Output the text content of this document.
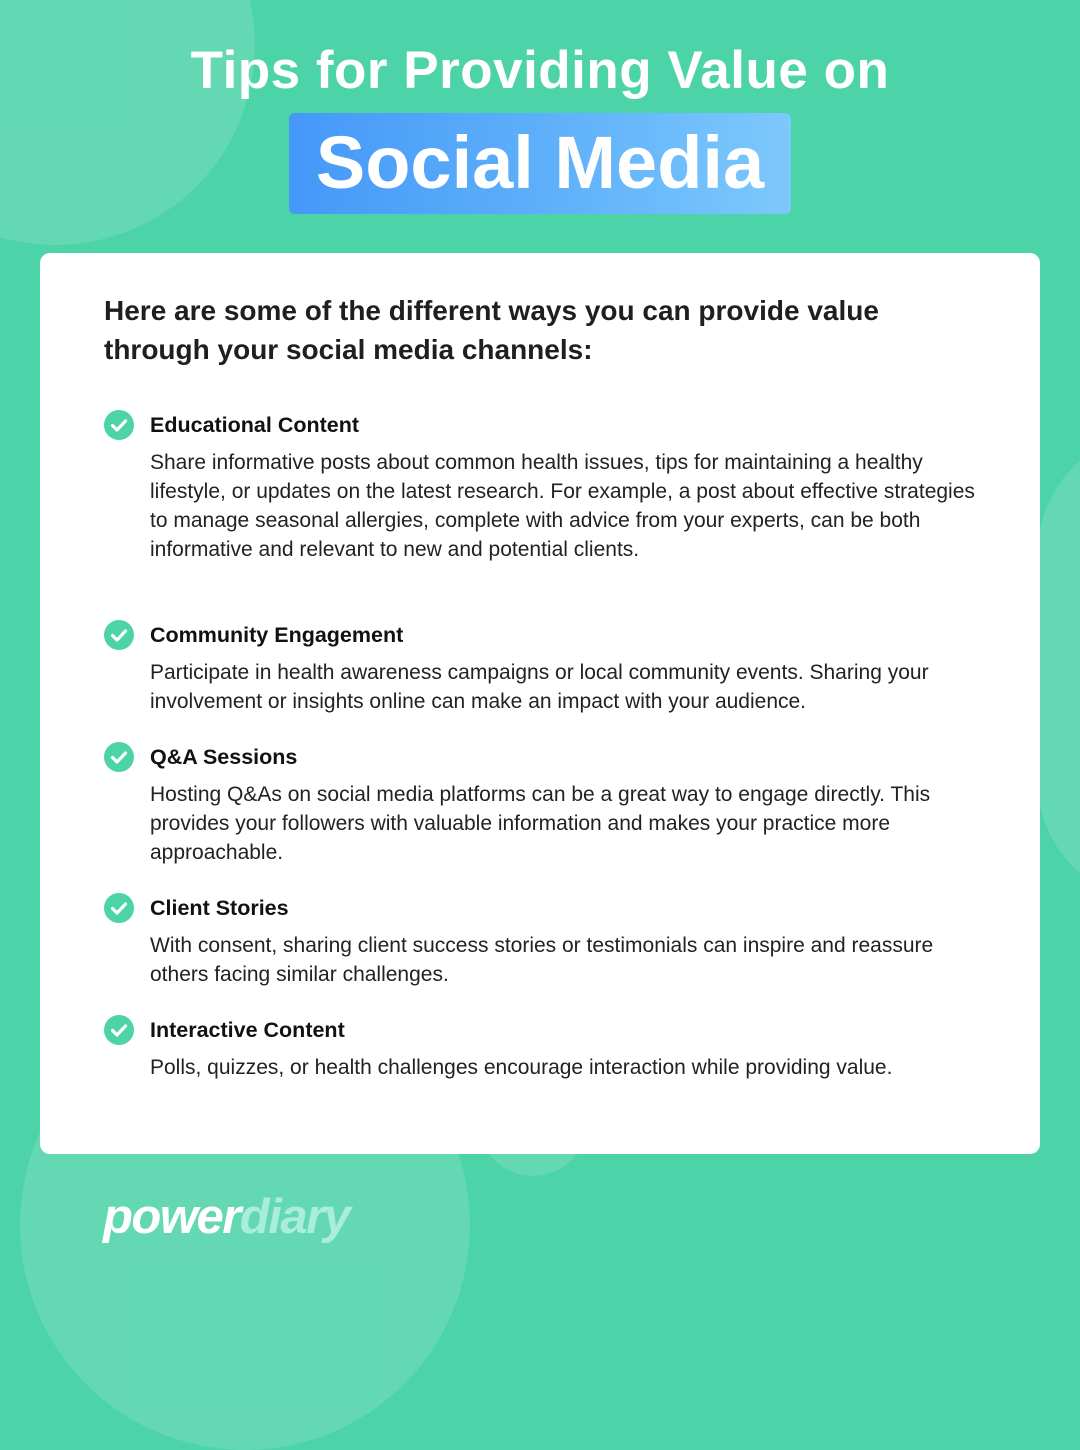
Tips for Providing Value on
Social Media

Here are some of the different ways you can provide value through your social media channels:

Educational Content

Share informative posts about common health issues, tips for maintaining a healthy lifestyle, or updates on the latest research. For example, a post about effective strategies to manage seasonal allergies, complete with advice from your experts, can be both informative and relevant to new and potential clients.

Community Engagement

Participate in health awareness campaigns or local community events. Sharing your involvement or insights online can make an impact with your audience.

Q&A Sessions

Hosting Q&As on social media platforms can be a great way to engage directly. This provides your followers with valuable information and makes your practice more approachable.

Client Stories

With consent, sharing client success stories or testimonials can inspire and reassure others facing similar challenges.

Interactive Content

Polls, quizzes, or health challenges encourage interaction while providing value.

powerdiary
